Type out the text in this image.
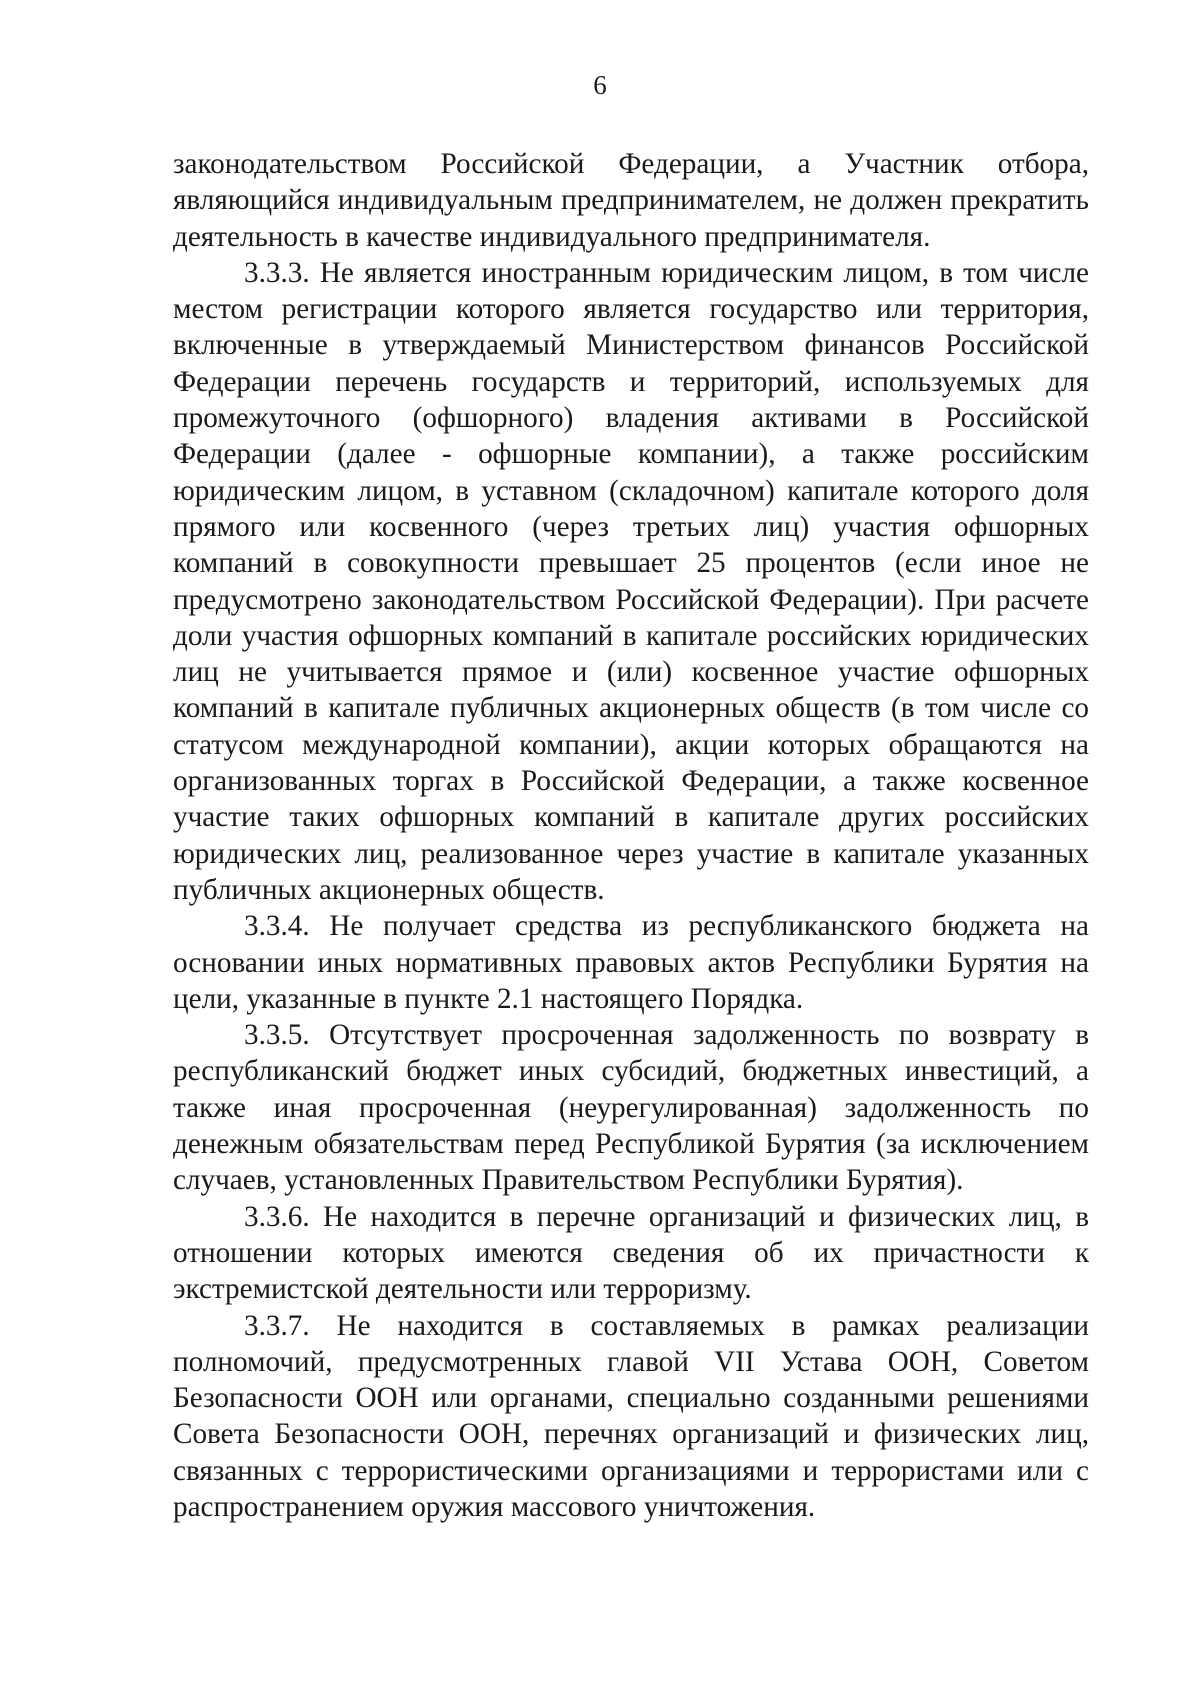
6

законодательством Российской Федерации, а Участник отбора, являющийся индивидуальным предпринимателем, не должен прекратить деятельность в качестве индивидуального предпринимателя.

3.3.3. Не является иностранным юридическим лицом, в том числе местом регистрации которого является государство или территория, включенные в утверждаемый Министерством финансов Российской Федерации перечень государств и территорий, используемых для промежуточного (офшорного) владения активами в Российской Федерации (далее - офшорные компании), а также российским юридическим лицом, в уставном (складочном) капитале которого доля прямого или косвенного (через третьих лиц) участия офшорных компаний в совокупности превышает 25 процентов (если иное не предусмотрено законодательством Российской Федерации). При расчете доли участия офшорных компаний в капитале российских юридических лиц не учитывается прямое и (или) косвенное участие офшорных компаний в капитале публичных акционерных обществ (в том числе со статусом международной компании), акции которых обращаются на организованных торгах в Российской Федерации, а также косвенное участие таких офшорных компаний в капитале других российских юридических лиц, реализованное через участие в капитале указанных публичных акционерных обществ.

3.3.4. Не получает средства из республиканского бюджета на основании иных нормативных правовых актов Республики Бурятия на цели, указанные в пункте 2.1 настоящего Порядка.

3.3.5. Отсутствует просроченная задолженность по возврату в республиканский бюджет иных субсидий, бюджетных инвестиций, а также иная просроченная (неурегулированная) задолженность по денежным обязательствам перед Республикой Бурятия (за исключением случаев, установленных Правительством Республики Бурятия).

3.3.6. Не находится в перечне организаций и физических лиц, в отношении которых имеются сведения об их причастности к экстремистской деятельности или терроризму.

3.3.7. Не находится в составляемых в рамках реализации полномочий, предусмотренных главой VII Устава ООН, Советом Безопасности ООН или органами, специально созданными решениями Совета Безопасности ООН, перечнях организаций и физических лиц, связанных с террористическими организациями и террористами или с распространением оружия массового уничтожения.
